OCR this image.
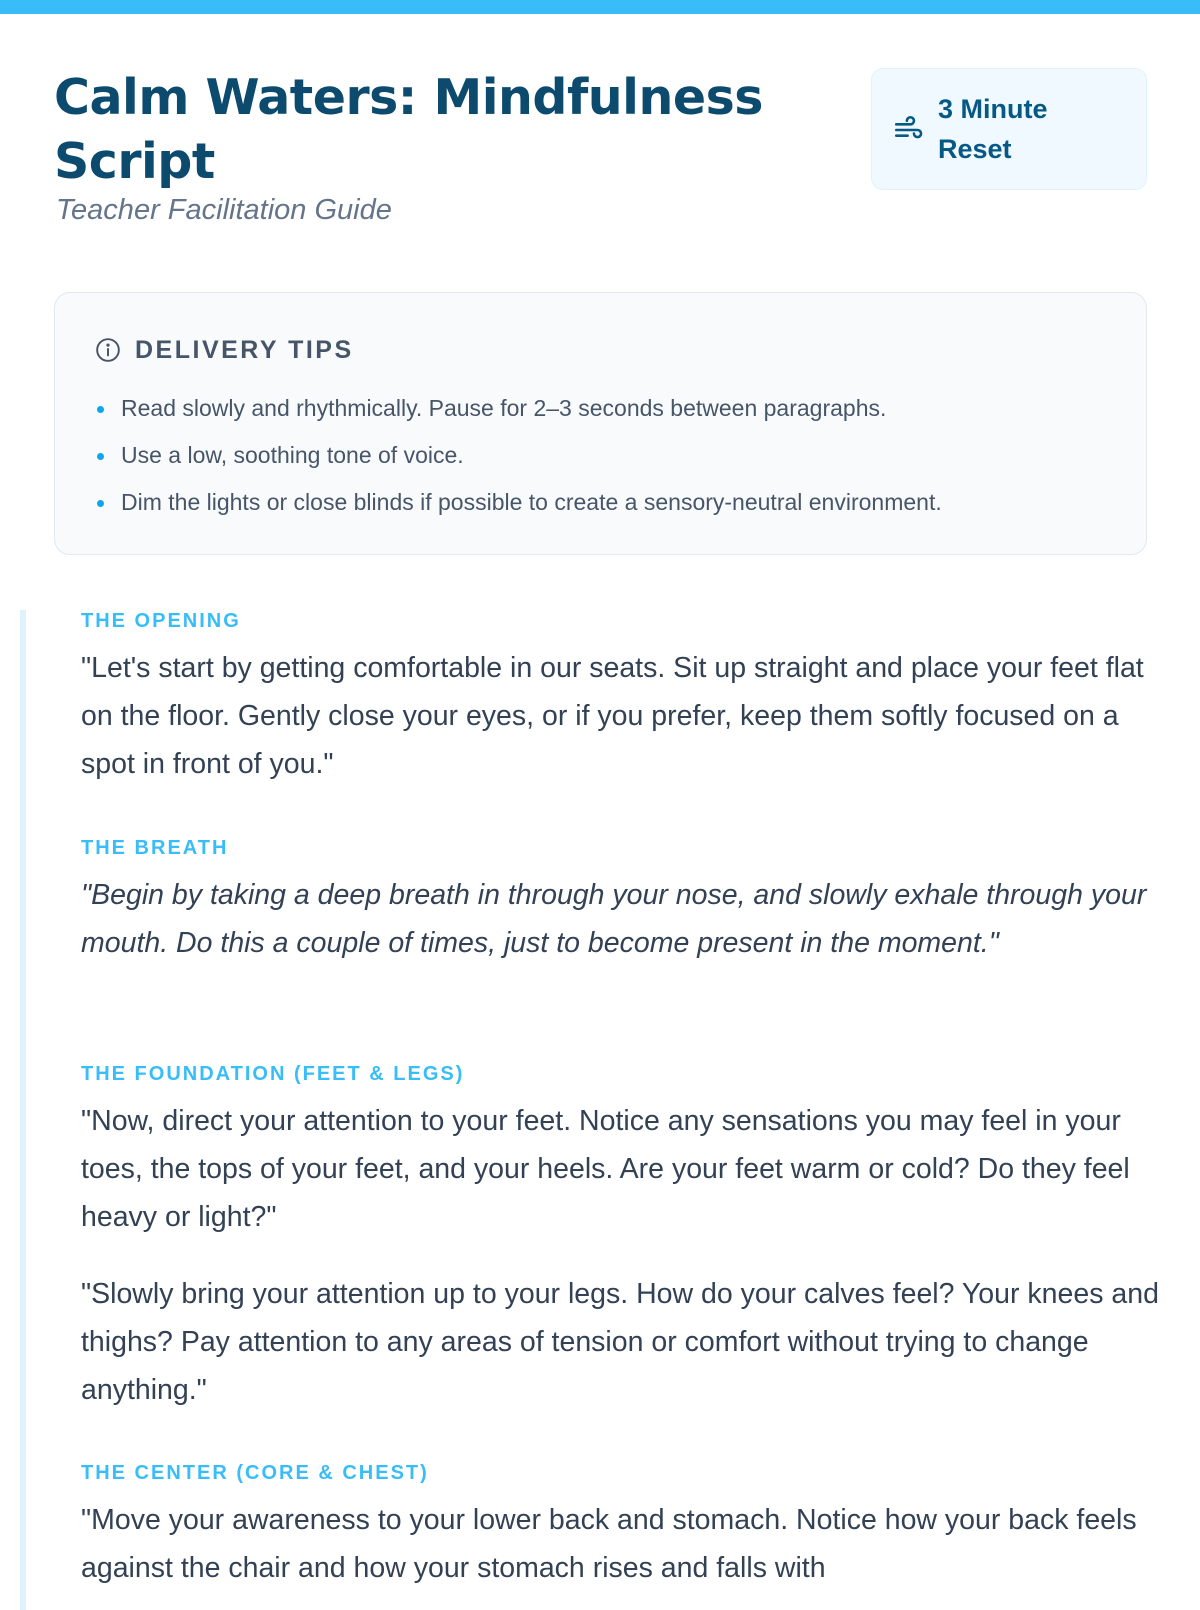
Calm Waters: Mindfulness Script
Teacher Facilitation Guide
3 Minute Reset
DELIVERY TIPS
Read slowly and rhythmically. Pause for 2–3 seconds between paragraphs.
Use a low, soothing tone of voice.
Dim the lights or close blinds if possible to create a sensory-neutral environment.
THE OPENING

"Let's start by getting comfortable in our seats. Sit up straight and place your feet flat on the floor. Gently close your eyes, or if you prefer, keep them softly focused on a spot in front of you."

THE BREATH

"Begin by taking a deep breath in through your nose, and slowly exhale through your mouth. Do this a couple of times, just to become present in the moment."

THE FOUNDATION (FEET & LEGS)

"Now, direct your attention to your feet. Notice any sensations you may feel in your toes, the tops of your feet, and your heels. Are your feet warm or cold? Do they feel heavy or light?"

"Slowly bring your attention up to your legs. How do your calves feel? Your knees and thighs? Pay attention to any areas of tension or comfort without trying to change anything."

THE CENTER (CORE & CHEST)

"Move your awareness to your lower back and stomach. Notice how your back feels against the chair and how your stomach rises and falls with
